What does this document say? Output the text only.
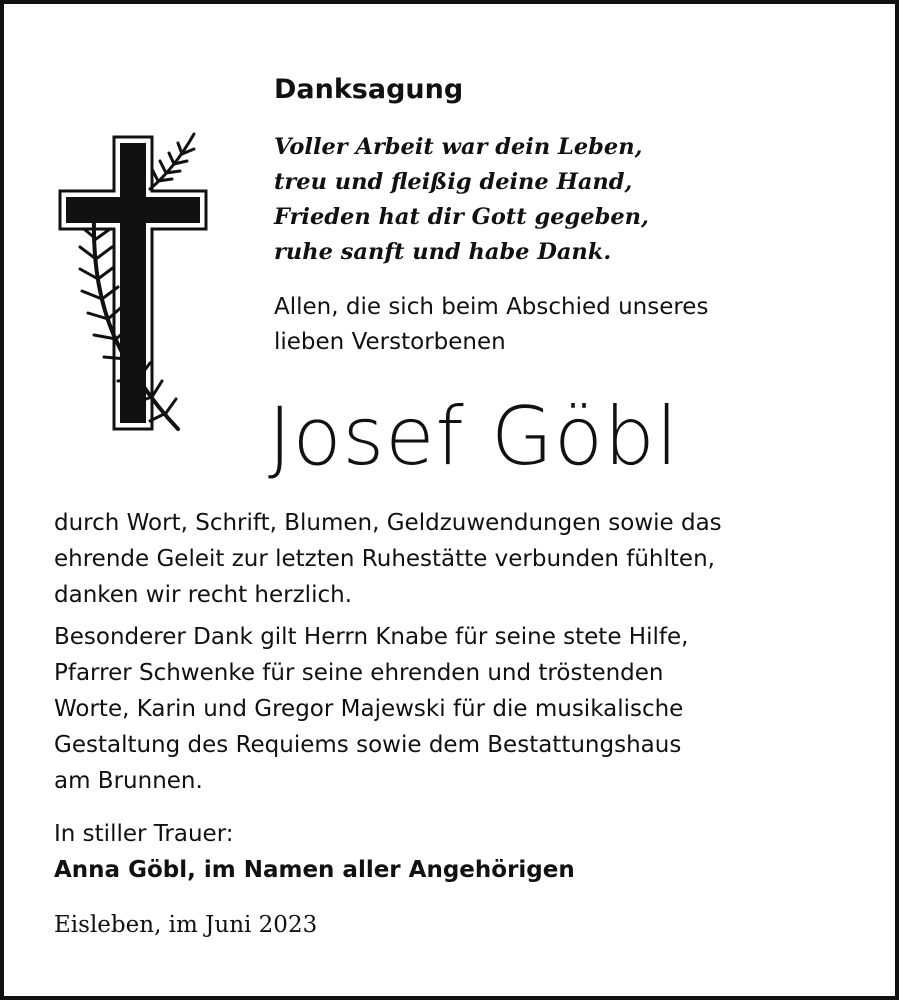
Danksagung
Voller Arbeit war dein Leben,
treu und fleißig deine Hand,
Frieden hat dir Gott gegeben,
ruhe sanft und habe Dank.

Allen, die sich beim Abschied unseres
lieben Verstorbenen

Josef Göbl

durch Wort, Schrift, Blumen, Geldzuwendungen sowie das
ehrende Geleit zur letzten Ruhestätte verbunden fühlten,
danken wir recht herzlich.

Besonderer Dank gilt Herrn Knabe für seine stete Hilfe,
Pfarrer Schwenke für seine ehrenden und tröstenden
Worte, Karin und Gregor Majewski für die musikalische
Gestaltung des Requiems sowie dem Bestattungshaus
am Brunnen.

In stiller Trauer:

Anna Göbl, im Namen aller Angehörigen

Eisleben, im Juni 2023
